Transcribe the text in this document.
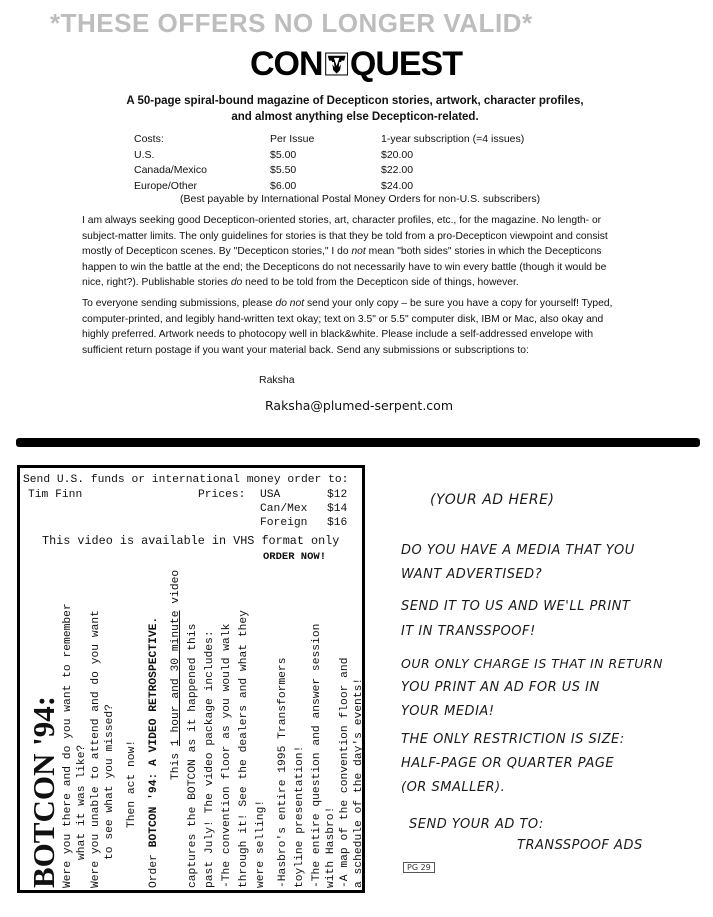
*THESE OFFERS NO LONGER VALID*
CON QUEST
A 50-page spiral-bound magazine of Decepticon stories, artwork, character profiles,
and almost anything else Decepticon-related.
Costs:	Per Issue	1-year subscription (=4 issues)
U.S.	$5.00	$20.00
Canada/Mexico	$5.50	$22.00
Europe/Other	$6.00	$24.00
(Best payable by International Postal Money Orders for non-U.S. subscribers)
I am always seeking good Decepticon-oriented stories, art, character profiles, etc., for the magazine. No length- or subject-matter limits. The only guidelines for stories is that they be told from a pro-Decepticon viewpoint and consist mostly of Decepticon scenes. By "Decepticon stories," I do not mean "both sides" stories in which the Decepticons happen to win the battle at the end; the Decepticons do not necessarily have to win every battle (though it would be nice, right?). Publishable stories do need to be told from the Decepticon side of things, however.
To everyone sending submissions, please do not send your only copy – be sure you have a copy for yourself! Typed, computer-printed, and legibly hand-written text okay; text on 3.5" or 5.5" computer disk, IBM or Mac, also okay and highly preferred. Artwork needs to photocopy well in black&white. Please include a self-addressed envelope with sufficient return postage if you want your material back. Send any submissions or subscriptions to:
Raksha
Raksha@plumed-serpent.com
Send U.S. funds or international money order to:
Tim Finn	Prices: USA	$12
Can/Mex $14
Foreign $16
This video is available in VHS format only
ORDER NOW!
BOTCON '94: Were you there and do you want to remember what it was like? Were you unable to attend and do you want to see what you missed? Then act now!
Order BOTCON '94: A VIDEO RETROSPECTIVE. This 1 hour and 30 minute video
captures the BOTCON as it happened this past July! The video package includes: -The convention floor as you would walk through it! See the dealers and what they were selling! -Hasbro's entire 1995 Transformers toyline presentation! -The entire question and answer session with Hasbro! -A map of the convention floor and a schedule of the day's events!
(YOUR AD HERE)
DO YOU HAVE A MEDIA THAT YOU
WANT ADVERTISED?
SEND IT TO US AND WE'LL PRINT
IT IN TRANSSPOOF!
OUR ONLY CHARGE IS THAT IN RETURN
YOU PRINT AN AD FOR US IN
YOUR MEDIA!
THE ONLY RESTRICTION IS SIZE:
HALF-PAGE OR QUARTER PAGE
(OR SMALLER).
SEND YOUR AD TO:
TRANSSPOOF ADS
PG 29
